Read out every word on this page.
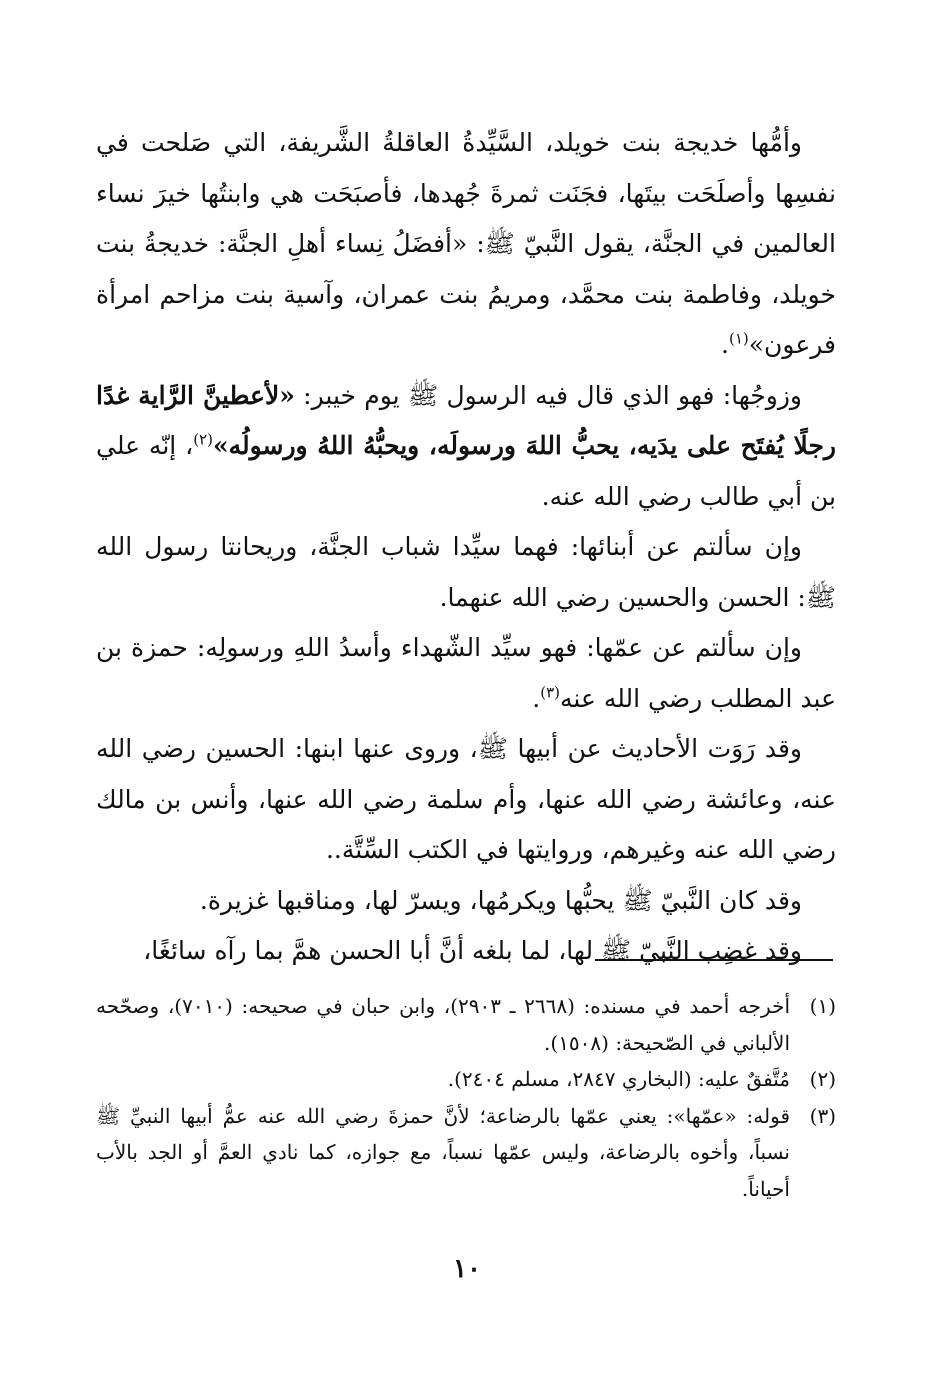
وأمُّها خديجة بنت خويلد، السَّيِّدةُ العاقلةُ الشَّريفة، التي صَلحت في نفسِها وأصلَحَت بيتَها، فجَنَت ثمرةَ جُهدها، فأصبَحَت هي وابنتُها خيرَ نساء العالمين في الجنَّة، يقول النَّبيّ ﷺ: «أفضَلُ نِساء أهلِ الجنَّة: خديجةُ بنت خويلد، وفاطمة بنت محمَّد، ومريمُ بنت عمران، وآسية بنت مزاحم امرأة فرعون»$^{(١)}$.

وزوجُها: فهو الذي قال فيه الرسول ﷺ يوم خيبر: «لأعطينَّ الرَّاية غدًا رجلًا يُفتَح على يدَيه، يحبُّ اللهَ ورسولَه، ويحبُّهُ اللهُ ورسولُه»$^{(٢)}$، إنّه علي بن أبي طالب رضي الله عنه.

وإن سألتم عن أبنائها: فهما سيِّدا شباب الجنَّة، وريحانتا رسول الله ﷺ: الحسن والحسين رضي الله عنهما.

وإن سألتم عن عمّها: فهو سيِّد الشّهداء وأسدُ اللهِ ورسولِه: حمزة بن عبد المطلب رضي الله عنه$^{(٣)}$.

وقد رَوَت الأحاديث عن أبيها ﷺ، وروى عنها ابنها: الحسين رضي الله عنه، وعائشة رضي الله عنها، وأم سلمة رضي الله عنها، وأنس بن مالك رضي الله عنه وغيرهم، وروايتها في الكتب السِّتَّة..

وقد كان النَّبيّ ﷺ يحبُّها ويكرمُها، ويسرّ لها، ومناقبها غزيرة.

وقد غضِب النَّبيّ ﷺ لها، لما بلغه أنَّ أبا الحسن همَّ بما رآه سائغًا،

(١)
أخرجه أحمد في مسنده: (٢٦٦٨ ـ ٢٩٠٣)، وابن حبان في صحيحه: (٧٠١٠)، وصحّحه الألباني في الصّحيحة: (١٥٠٨).
(٢)
مُتَّفقٌ عليه: (البخاري ٢٨٤٧، مسلم ٢٤٠٤).
(٣)
قوله: «عمّها»: يعني عمّها بالرضاعة؛ لأنَّ حمزةَ رضي الله عنه عمُّ أبيها النبيِّ ﷺ نسباً، وأخوه بالرضاعة، وليس عمّها نسباً، مع جوازه، كما نادي العمَّ أو الجد بالأب أحياناً.
١٠
